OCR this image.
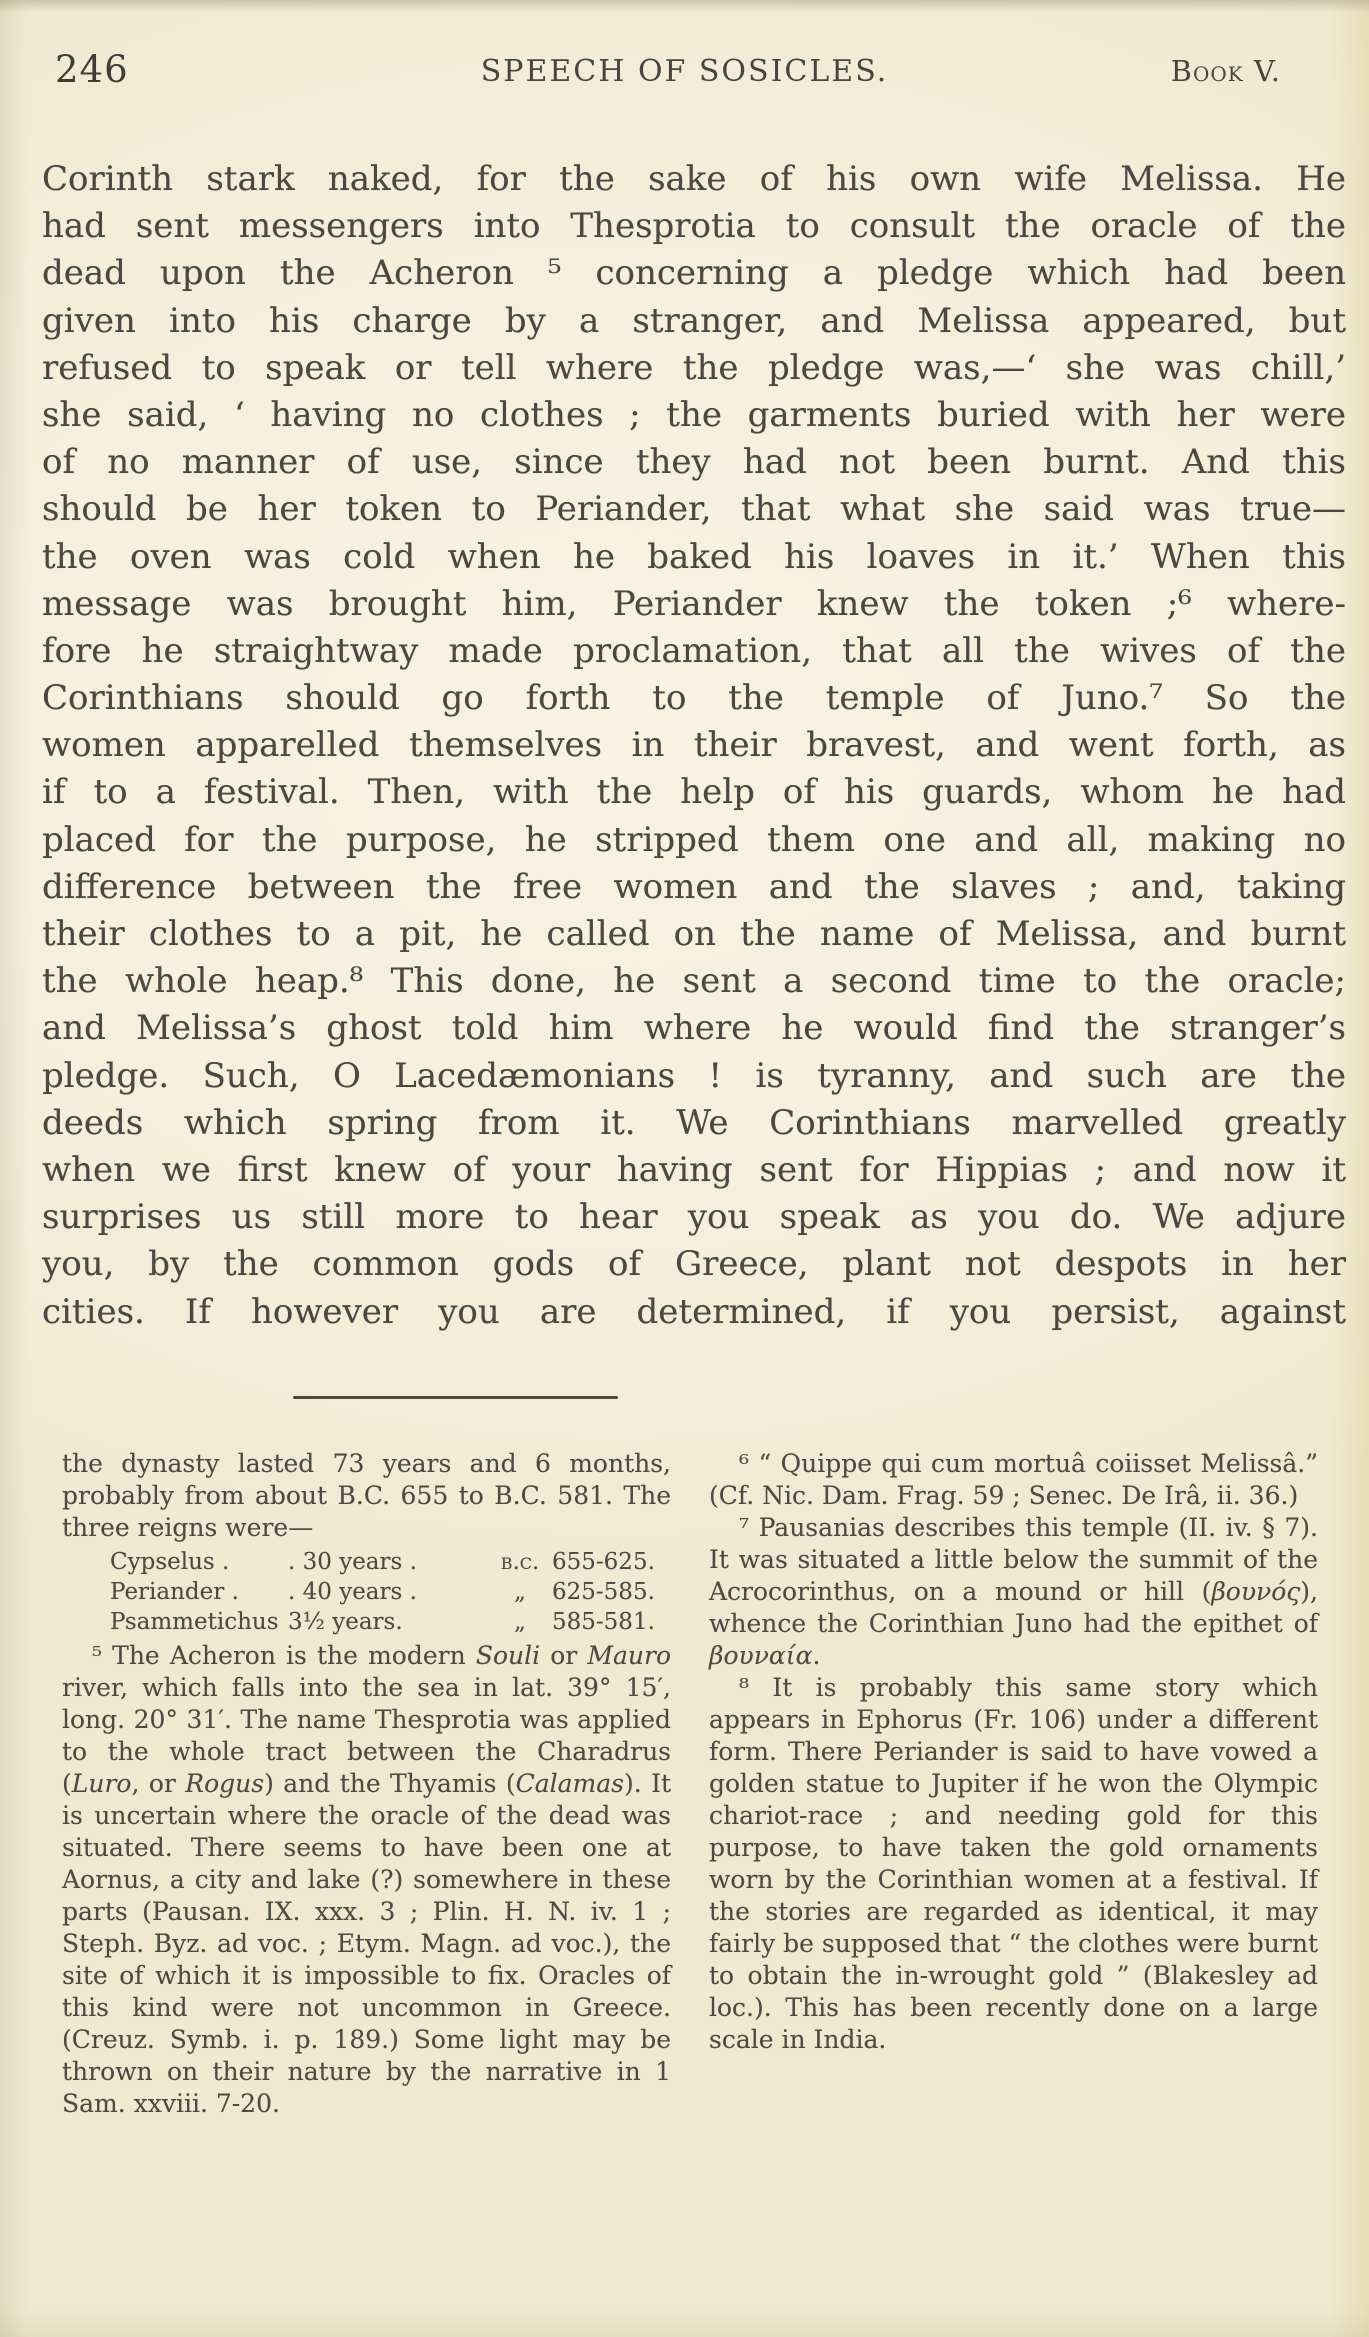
246	SPEECH OF SOSICLES.	Book V.
Corinth stark naked, for the sake of his own wife Melissa. He
had sent messengers into Thesprotia to consult the oracle of the
dead upon the Acheron ⁵ concerning a pledge which had been
given into his charge by a stranger, and Melissa appeared, but
refused to speak or tell where the pledge was,—‘ she was chill,’
she said, ‘ having no clothes ; the garments buried with her were
of no manner of use, since they had not been burnt. And this
should be her token to Periander, that what she said was true—
the oven was cold when he baked his loaves in it.’ When this
message was brought him, Periander knew the token ;⁶ where-
fore he straightway made proclamation, that all the wives of the
Corinthians should go forth to the temple of Juno.⁷ So the
women apparelled themselves in their bravest, and went forth, as
if to a festival. Then, with the help of his guards, whom he had
placed for the purpose, he stripped them one and all, making no
difference between the free women and the slaves ; and, taking
their clothes to a pit, he called on the name of Melissa, and burnt
the whole heap.⁸ This done, he sent a second time to the oracle;
and Melissa’s ghost told him where he would find the stranger’s
pledge. Such, O Lacedæmonians ! is tyranny, and such are the
deeds which spring from it. We Corinthians marvelled greatly
when we first knew of your having sent for Hippias ; and now it
surprises us still more to hear you speak as you do. We adjure
you, by the common gods of Greece, plant not despots in her
cities. If however you are determined, if you persist, against

the dynasty lasted 73 years and 6 months, probably from about B.C. 655 to B.C. 581. The three reigns were—

Cypselus .	. 30 years .	b.c. 655-625.
Periander .	. 40 years .	„	625-585.
Psammetichus 3½ years.	„	585-581.

⁵ The Acheron is the modern Souli or Mauro river, which falls into the sea in lat. 39° 15′, long. 20° 31′. The name Thesprotia was applied to the whole tract between the Charadrus (Luro, or Rogus) and the Thyamis (Calamas). It is uncertain where the oracle of the dead was situated. There seems to have been one at Aornus, a city and lake (?) somewhere in these parts (Pausan. IX. xxx. 3 ; Plin. H. N. iv. 1 ; Steph. Byz. ad voc. ; Etym. Magn. ad voc.), the site of which it is impossible to fix. Oracles of this kind were not uncommon in Greece. (Creuz. Symb. i. p. 189.) Some light may be thrown on their nature by the narrative in 1 Sam. xxviii. 7-20.

⁶ “ Quippe qui cum mortuâ coiisset Melissâ.” (Cf. Nic. Dam. Frag. 59 ; Senec. De Irâ, ii. 36.)

⁷ Pausanias describes this temple (II. iv. § 7). It was situated a little below the summit of the Acrocorinthus, on a mound or hill (βουνός), whence the Corinthian Juno had the epithet of βουναία.

⁸ It is probably this same story which appears in Ephorus (Fr. 106) under a different form. There Periander is said to have vowed a golden statue to Jupiter if he won the Olympic chariot-race ; and needing gold for this purpose, to have taken the gold ornaments worn by the Corinthian women at a festival. If the stories are regarded as identical, it may fairly be supposed that “ the clothes were burnt to obtain the in-wrought gold ” (Blakesley ad loc.). This has been recently done on a large scale in India.
